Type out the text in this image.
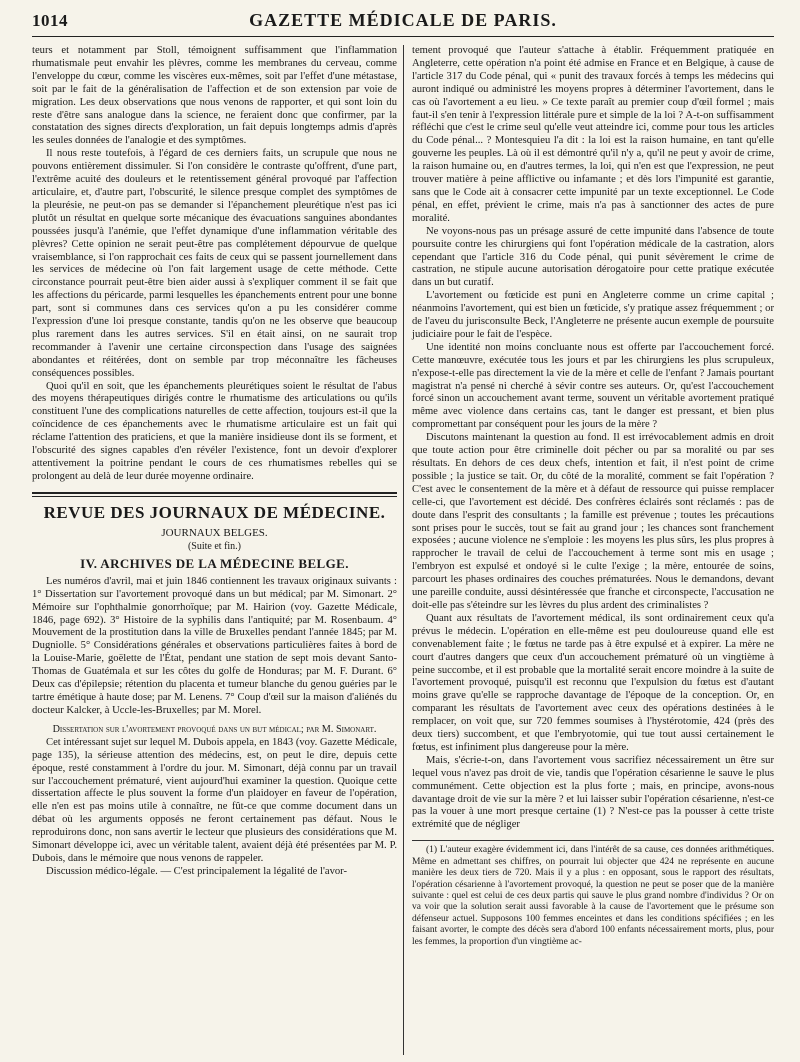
1014	GAZETTE MÉDICALE DE PARIS.

teurs et notamment par Stoll, témoignent suffisamment que l'inflammation rhumatismale peut envahir les plèvres, comme les membranes du cerveau, comme l'enveloppe du cœur, comme les viscères eux-mêmes, soit par l'effet d'une métastase, soit par le fait de la généralisation de l'affection et de son extension par voie de migration. Les deux observations que nous venons de rapporter, et qui sont loin du reste d'être sans analogue dans la science, ne feraient donc que confirmer, par la constatation des signes directs d'exploration, un fait depuis longtemps admis d'après les seules données de l'analogie et des symptômes.

Il nous reste toutefois, à l'égard de ces derniers faits, un scrupule que nous ne pouvons entièrement dissimuler. Si l'on considère le contraste qu'offrent, d'une part, l'extrême acuité des douleurs et le retentissement général provoqué par l'affection articulaire, et, d'autre part, l'obscurité, le silence presque complet des symptômes de la pleurésie, ne peut-on pas se demander si l'épanchement pleurétique n'est pas ici plutôt un résultat en quelque sorte mécanique des évacuations sanguines abondantes poussées jusqu'à l'anémie, que l'effet dynamique d'une inflammation véritable des plèvres? Cette opinion ne serait peut-être pas complétement dépourvue de quelque vraisemblance, si l'on rapprochait ces faits de ceux qui se passent journellement dans les services de médecine où l'on fait largement usage de cette méthode. Cette circonstance pourrait peut-être bien aider aussi à s'expliquer comment il se fait que les affections du péricarde, parmi lesquelles les épanchements entrent pour une bonne part, sont si communes dans ces services qu'on a pu les considérer comme l'expression d'une loi presque constante, tandis qu'on ne les observe que beaucoup plus rarement dans les autres services. S'il en était ainsi, on ne saurait trop recommander à l'avenir une certaine circonspection dans l'usage des saignées abondantes et réitérées, dont on semble par trop méconnaître les fâcheuses conséquences possibles.

Quoi qu'il en soit, que les épanchements pleurétiques soient le résultat de l'abus des moyens thérapeutiques dirigés contre le rhumatisme des articulations ou qu'ils constituent l'une des complications naturelles de cette affection, toujours est-il que la coïncidence de ces épanchements avec le rhumatisme articulaire est un fait qui réclame l'attention des praticiens, et que la manière insidieuse dont ils se forment, et l'obscurité des signes capables d'en révéler l'existence, font un devoir d'explorer attentivement la poitrine pendant le cours de ces rhumatismes rebelles qui se prolongent au delà de leur durée moyenne ordinaire.

REVUE DES JOURNAUX DE MÉDECINE.
JOURNAUX BELGES.
(Suite et fin.)
IV. ARCHIVES DE LA MÉDECINE BELGE.

Les numéros d'avril, mai et juin 1846 contiennent les travaux originaux suivants : 1° Dissertation sur l'avortement provoqué dans un but médical; par M. Simonart. 2° Mémoire sur l'ophthalmie gonorrhoïque; par M. Hairion (voy. Gazette Médicale, 1846, page 692). 3° Histoire de la syphilis dans l'antiquité; par M. Rosenbaum. 4° Mouvement de la prostitution dans la ville de Bruxelles pendant l'année 1845; par M. Dugniolle. 5° Considérations générales et observations particulières faites à bord de la Louise-Marie, goëlette de l'État, pendant une station de sept mois devant Santo-Thomas de Guatémala et sur les côtes du golfe de Honduras; par M. F. Durant. 6° Deux cas d'épilepsie; rétention du placenta et tumeur blanche du genou guéries par le tartre émétique à haute dose; par M. Lenens. 7° Coup d'œil sur la maison d'aliénés du docteur Kalcker, à Uccle-les-Bruxelles; par M. Morel.

Dissertation sur l'avortement provoqué dans un but médical; par M. Simonart.

Cet intéressant sujet sur lequel M. Dubois appela, en 1843 (voy. Gazette Médicale, page 135), la sérieuse attention des médecins, est, on peut le dire, depuis cette époque, resté constamment à l'ordre du jour. M. Simonart, déjà connu par un travail sur l'accouchement prématuré, vient aujourd'hui examiner la question. Quoique cette dissertation affecte le plus souvent la forme d'un plaidoyer en faveur de l'opération, elle n'en est pas moins utile à connaître, ne fût-ce que comme document dans un débat où les arguments opposés ne feront certainement pas défaut. Nous le reproduirons donc, non sans avertir le lecteur que plusieurs des considérations que M. Simonart développe ici, avec un véritable talent, avaient déjà été présentées par M. P. Dubois, dans le mémoire que nous venons de rappeler.

Discussion médico-légale. — C'est principalement la légalité de l'avor-

tement provoqué que l'auteur s'attache à établir. Fréquemment pratiquée en Angleterre, cette opération n'a point été admise en France et en Belgique, à cause de l'article 317 du Code pénal, qui « punit des travaux forcés à temps les médecins qui auront indiqué ou administré les moyens propres à déterminer l'avortement, dans le cas où l'avortement a eu lieu. » Ce texte paraît au premier coup d'œil formel ; mais faut-il s'en tenir à l'expression littérale pure et simple de la loi ? A-t-on suffisamment réfléchi que c'est le crime seul qu'elle veut atteindre ici, comme pour tous les articles du Code pénal... ? Montesquieu l'a dit : la loi est la raison humaine, en tant qu'elle gouverne les peuples. Là où il est démontré qu'il n'y a, qu'il ne peut y avoir de crime, la raison humaine ou, en d'autres termes, la loi, qui n'en est que l'expression, ne peut trouver matière à peine afflictive ou infamante ; et dès lors l'impunité est garantie, sans que le Code ait à consacrer cette impunité par un texte exceptionnel. Le Code pénal, en effet, prévient le crime, mais n'a pas à sanctionner des actes de pure moralité.

Ne voyons-nous pas un présage assuré de cette impunité dans l'absence de toute poursuite contre les chirurgiens qui font l'opération médicale de la castration, alors cependant que l'article 316 du Code pénal, qui punit sévèrement le crime de castration, ne stipule aucune autorisation dérogatoire pour cette pratique exécutée dans un but curatif.

L'avortement ou fœticide est puni en Angleterre comme un crime capital ; néanmoins l'avortement, qui est bien un fœticide, s'y pratique assez fréquemment ; or de l'aveu du jurisconsulte Beck, l'Angleterre ne présente aucun exemple de poursuite judiciaire pour le fait de l'espèce.

Une identité non moins concluante nous est offerte par l'accouchement forcé. Cette manœuvre, exécutée tous les jours et par les chirurgiens les plus scrupuleux, n'expose-t-elle pas directement la vie de la mère et celle de l'enfant ? Jamais pourtant magistrat n'a pensé ni cherché à sévir contre ses auteurs. Or, qu'est l'accouchement forcé sinon un accouchement avant terme, souvent un véritable avortement pratiqué même avec violence dans certains cas, tant le danger est pressant, et bien plus compromettant par conséquent pour les jours de la mère ?

Discutons maintenant la question au fond. Il est irrévocablement admis en droit que toute action pour être criminelle doit pécher ou par sa moralité ou par ses résultats. En dehors de ces deux chefs, intention et fait, il n'est point de crime possible ; la justice se tait. Or, du côté de la moralité, comment se fait l'opération ? C'est avec le consentement de la mère et à défaut de ressource qui puisse remplacer celle-ci, que l'avortement est décidé. Des confrères éclairés sont réclamés : pas de doute dans l'esprit des consultants ; la famille est prévenue ; toutes les précautions sont prises pour le succès, tout se fait au grand jour ; les chances sont franchement exposées ; aucune violence ne s'emploie : les moyens les plus sûrs, les plus propres à rapprocher le travail de celui de l'accouchement à terme sont mis en usage ; l'embryon est expulsé et ondoyé si le culte l'exige ; la mère, entourée de soins, parcourt les phases ordinaires des couches prématurées. Nous le demandons, devant une pareille conduite, aussi désintéressée que franche et circonspecte, l'accusation ne doit-elle pas s'éteindre sur les lèvres du plus ardent des criminalistes ?

Quant aux résultats de l'avortement médical, ils sont ordinairement ceux qu'a prévus le médecin. L'opération en elle-même est peu douloureuse quand elle est convenablement faite ; le fœtus ne tarde pas à être expulsé et à expirer. La mère ne court d'autres dangers que ceux d'un accouchement prématuré où un vingtième à peine succombe, et il est probable que la mortalité serait encore moindre à la suite de l'avortement provoqué, puisqu'il est reconnu que l'expulsion du fœtus est d'autant moins grave qu'elle se rapproche davantage de l'époque de la conception. Or, en comparant les résultats de l'avortement avec ceux des opérations destinées à le remplacer, on voit que, sur 720 femmes soumises à l'hystérotomie, 424 (près des deux tiers) succombent, et que l'embryotomie, qui tue tout aussi certainement le fœtus, est infiniment plus dangereuse pour la mère.

Mais, s'écrie-t-on, dans l'avortement vous sacrifiez nécessairement un être sur lequel vous n'avez pas droit de vie, tandis que l'opération césarienne le sauve le plus communément. Cette objection est la plus forte ; mais, en principe, avons-nous davantage droit de vie sur la mère ? et lui laisser subir l'opération césarienne, n'est-ce pas la vouer à une mort presque certaine (1) ? N'est-ce pas la pousser à cette triste extrémité que de négliger

(1) L'auteur exagère évidemment ici, dans l'intérêt de sa cause, ces données arithmétiques. Même en admettant ses chiffres, on pourrait lui objecter que 424 ne représente en aucune manière les deux tiers de 720. Mais il y a plus : en opposant, sous le rapport des résultats, l'opération césarienne à l'avortement provoqué, la question ne peut se poser que de la manière suivante : quel est celui de ces deux partis qui sauve le plus grand nombre d'individus ? Or on va voir que la solution serait aussi favorable à la cause de l'avortement que le présume son défenseur actuel. Supposons 100 femmes enceintes et dans les conditions spécifiées ; en les faisant avorter, le compte des décès sera d'abord 100 enfants nécessairement morts, plus, pour les femmes, la proportion d'un vingtième ac-
